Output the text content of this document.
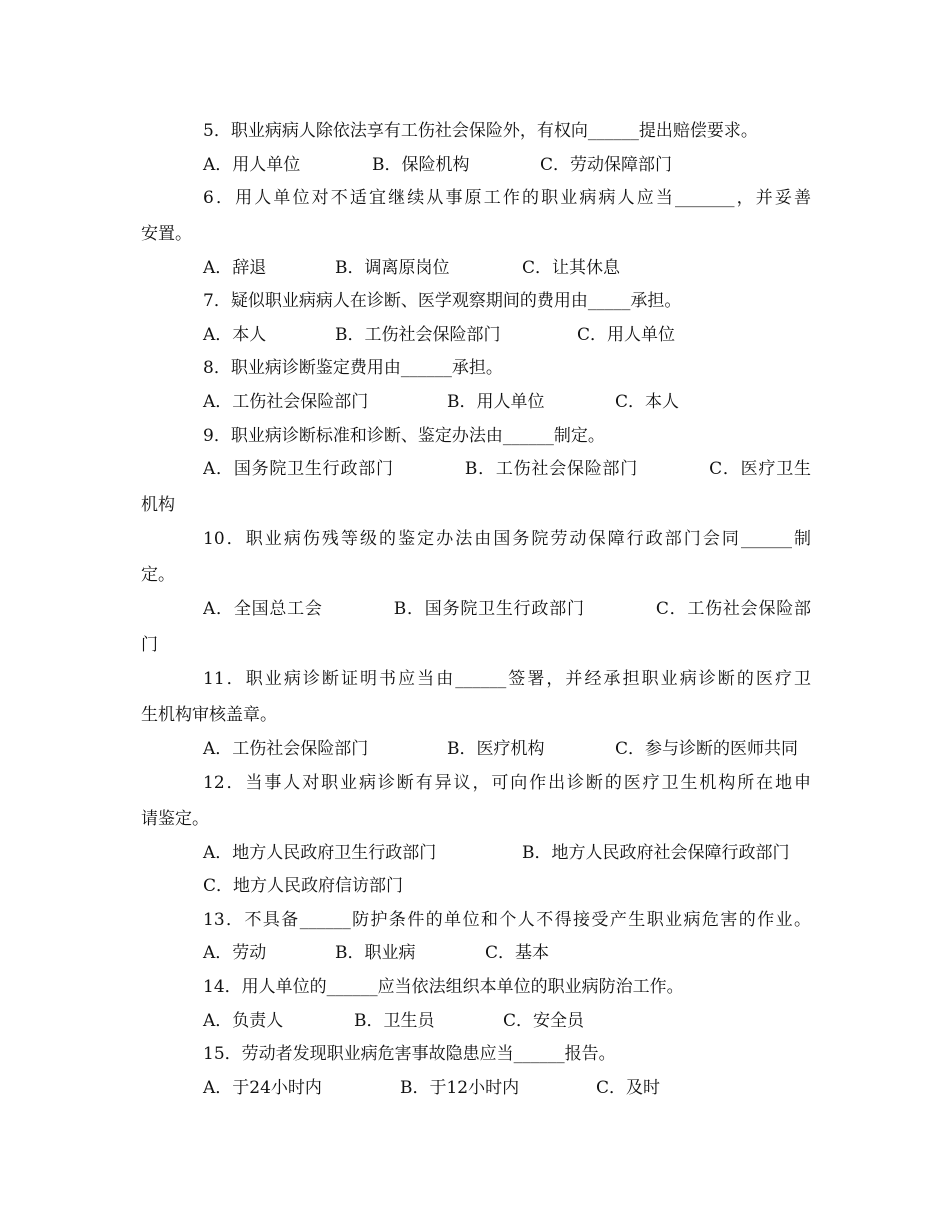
5．职业病病人除依法享有工伤社会保险外，有权向______提出赔偿要求。
A．用人单位	B．保险机构	C．劳动保障部门
6．用人单位对不适宜继续从事原工作的职业病病人应当_______，并妥善
安置。
A．辞退	B．调离原岗位	C．让其休息
7．疑似职业病病人在诊断、医学观察期间的费用由_____承担。
A．本人	B．工伤社会保险部门	C．用人单位
8．职业病诊断鉴定费用由______承担。
A．工伤社会保险部门	B．用人单位	C．本人
9．职业病诊断标准和诊断、鉴定办法由______制定。
A．国务院卫生行政部门　　　　B．工伤社会保险部门　　　　C．医疗卫生
机构
10．职业病伤残等级的鉴定办法由国务院劳动保障行政部门会同______制
定。
A．全国总工会　　　　B．国务院卫生行政部门　　　　C．工伤社会保险部
门
11．职业病诊断证明书应当由______签署，并经承担职业病诊断的医疗卫
生机构审核盖章。
A．工伤社会保险部门	B．医疗机构	C．参与诊断的医师共同
12．当事人对职业病诊断有异议，可向作出诊断的医疗卫生机构所在地申
请鉴定。
A．地方人民政府卫生行政部门	B．地方人民政府社会保障行政部门
C．地方人民政府信访部门
13．不具备______防护条件的单位和个人不得接受产生职业病危害的作业。
A．劳动	B．职业病	C．基本
14．用人单位的______应当依法组织本单位的职业病防治工作。
A．负责人	B．卫生员	C．安全员
15．劳动者发现职业病危害事故隐患应当______报告。
A．于24小时内	B．于12小时内	C．及时
